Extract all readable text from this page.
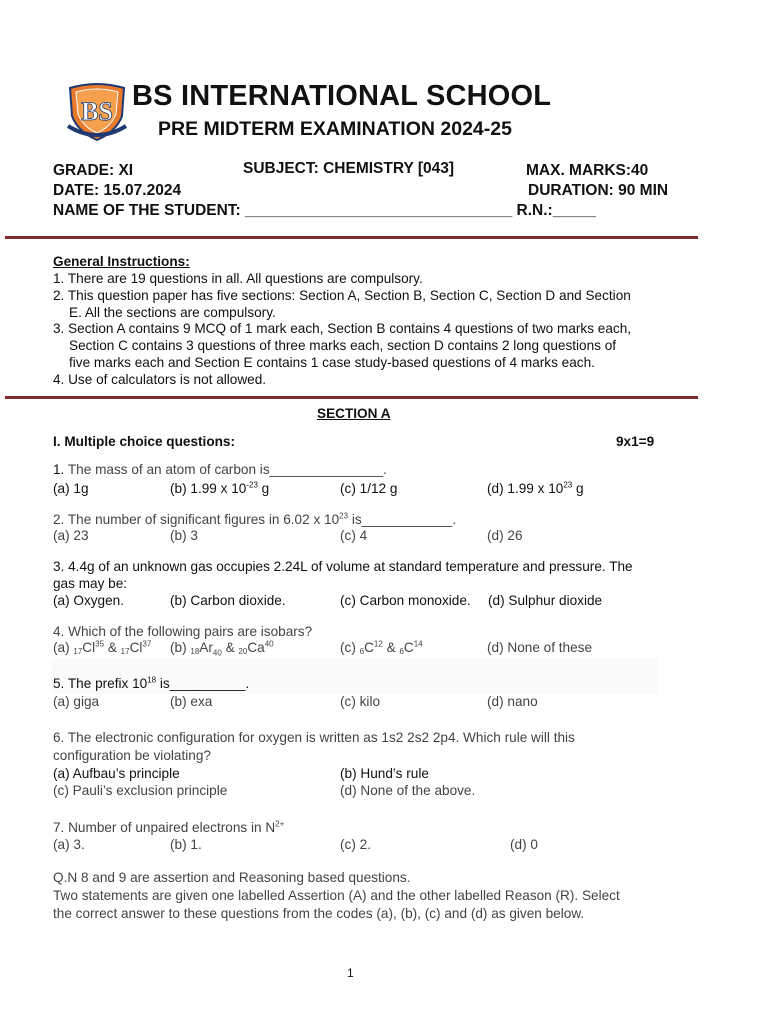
BS BS INTERNATIONAL SCHOOL
PRE MIDTERM EXAMINATION 2024-25
GRADE: XI	SUBJECT: CHEMISTRY [043]	MAX. MARKS:40
DATE: 15.07.2024	DURATION: 90 MIN
NAME OF THE STUDENT: _______________________________ R.N.:_____
General Instructions:
1. There are 19 questions in all. All questions are compulsory.
2. This question paper has five sections: Section A, Section B, Section C, Section D and Section
E. All the sections are compulsory.
3. Section A contains 9 MCQ of 1 mark each, Section B contains 4 questions of two marks each,
Section C contains 3 questions of three marks each, section D contains 2 long questions of
five marks each and Section E contains 1 case study-based questions of 4 marks each.
4. Use of calculators is not allowed.
SECTION A
I. Multiple choice questions:	9x1=9
1. The mass of an atom of carbon is_______________.
(a) 1g	(b) 1.99 x $10^{-23}$ g	(c) 1/12 g	(d) 1.99 x $10^{23}$ g
2. The number of significant figures in 6.02 x $10^{23}$ is____________.
(a) 23	(b) 3	(c) 4	(d) 26
3. 4.4g of an unknown gas occupies 2.24L of volume at standard temperature and pressure. The
gas may be:
(a) Oxygen.	(b) Carbon dioxide.	(c) Carbon monoxide. (d) Sulphur dioxide
4. Which of the following pairs are isobars?
(a) 17Cl$^{35}$ & 17Cl$^{37}$ (b) $18Ar_{40}$ & 20Ca$^{40}$	(c) $6C^{12}$ & $6C^{14}$	(d) None of these
5. The prefix $10^{18}$ is__________.
(a) giga	(b) exa	(c) kilo	(d) nano
6. The electronic configuration for oxygen is written as 1s2 2s2 2p4. Which rule will this
configuration be violating?
(a) Aufbau’s principle	(b) Hund’s rule
(c) Pauli’s exclusion principle	(d) None of the above.
7. Number of unpaired electrons in $N^{2+}$
(a) 3.	(b) 1.	(c) 2.	(d) 0
Q.N 8 and 9 are assertion and Reasoning based questions.
Two statements are given one labelled Assertion (A) and the other labelled Reason (R). Select
the correct answer to these questions from the codes (a), (b), (c) and (d) as given below.
1
